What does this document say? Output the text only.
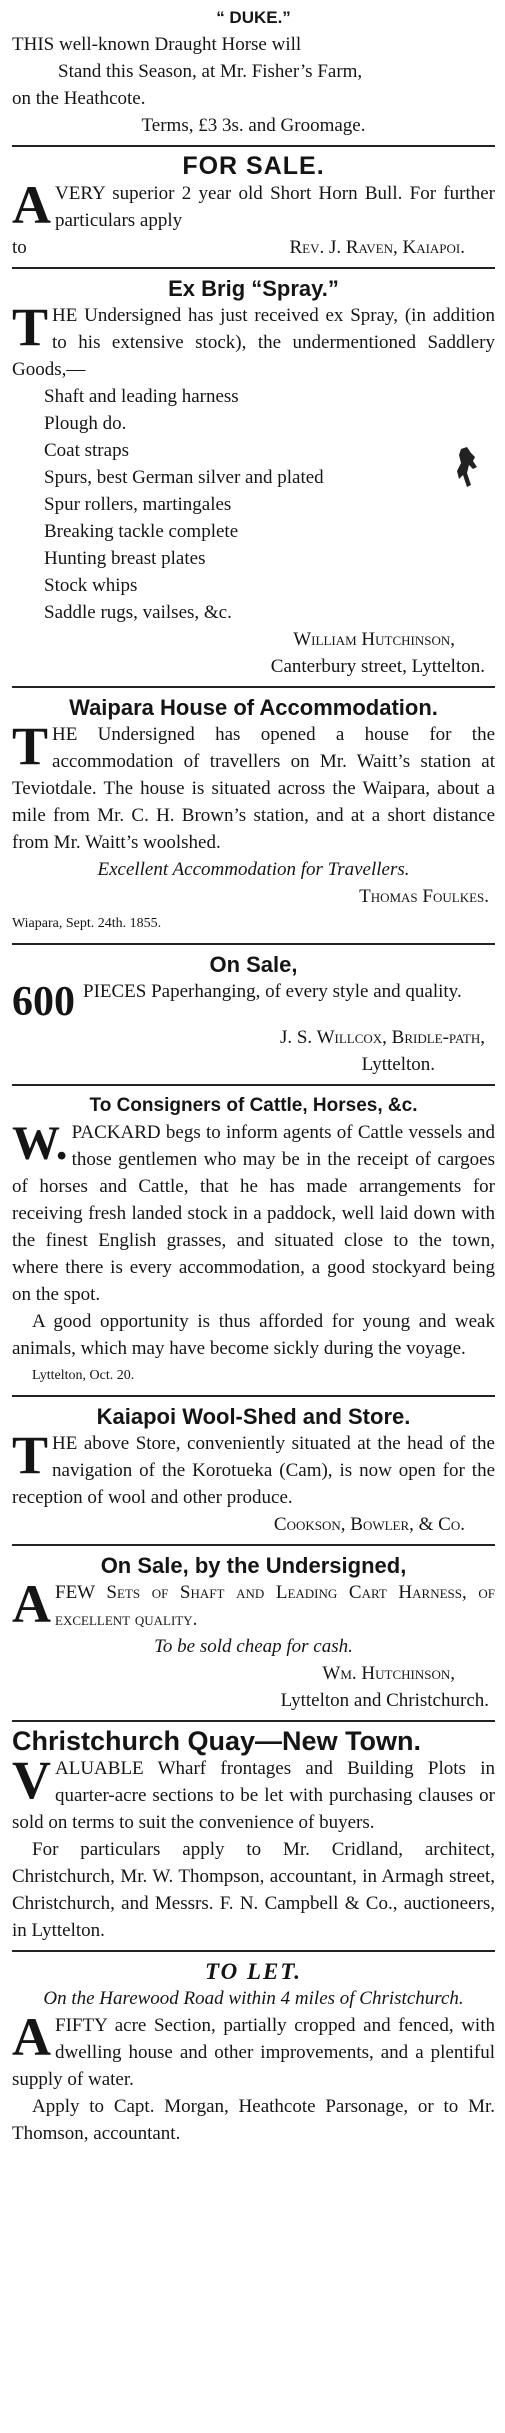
“ DUKE.”

THIS well-known Draught Horse will

Stand this Season, at Mr. Fisher’s Farm,

on the Heathcote.

Terms, £3 3s. and Groomage.
FOR SALE.
A VERY superior 2 year old Short Horn Bull. For further particulars apply
to	Rev. J. Raven, Kaiapoi.
Ex Brig “Spray.”
T HE Undersigned has just received ex Spray, (in addition to his extensive stock), the undermentioned Saddlery Goods,—
Shaft and leading harness
Plough do.
Coat straps
Spurs, best German silver and plated
Spur rollers, martingales
Breaking tackle complete
Hunting breast plates
Stock whips
Saddle rugs, vailses, &c.
William Hutchinson,
Canterbury street, Lyttelton.
Waipara House of Accommodation.
T HE Undersigned has opened a house for the accommodation of travellers on Mr. Waitt’s station at Teviotdale. The house is situated across the Waipara, about a mile from Mr. C. H. Brown’s station, and at a short distance from Mr. Waitt’s woolshed.
Excellent Accommodation for Travellers.
Thomas Foulkes.
Wiapara, Sept. 24th. 1855.
On Sale,
600 PIECES Paperhanging, of every style and quality.
J. S. Willcox, Bridle-path,
Lyttelton.
To Consigners of Cattle, Horses, &c.
W. PACKARD begs to inform agents of Cattle vessels and those gentlemen who may be in the receipt of cargoes of horses and Cattle, that he has made arrangements for receiving fresh landed stock in a paddock, well laid down with the finest English grasses, and situated close to the town, where there is every accommodation, a good stockyard being on the spot.

A good opportunity is thus afforded for young and weak animals, which may have become sickly during the voyage.

Lyttelton, Oct. 20.
Kaiapoi Wool-Shed and Store.
T HE above Store, conveniently situated at the head of the navigation of the Korotueka (Cam), is now open for the reception of wool and other produce.
Cookson, Bowler, & Co.
On Sale, by the Undersigned,
A FEW Sets of Shaft and Leading Cart Harness, of excellent quality.
To be sold cheap for cash.
Wm. Hutchinson,
Lyttelton and Christchurch.
Christchurch Quay—New Town.
V ALUABLE Wharf frontages and Building Plots in quarter-acre sections to be let with purchasing clauses or sold on terms to suit the convenience of buyers.

For particulars apply to Mr. Cridland, architect, Christchurch, Mr. W. Thompson, accountant, in Armagh street, Christchurch, and Messrs. F. N. Campbell & Co., auctioneers, in Lyttelton.

TO LET.
On the Harewood Road within 4 miles of Christchurch.
A FIFTY acre Section, partially cropped and fenced, with dwelling house and other improvements, and a plentiful supply of water.

Apply to Capt. Morgan, Heathcote Parsonage, or to Mr. Thomson, accountant.
